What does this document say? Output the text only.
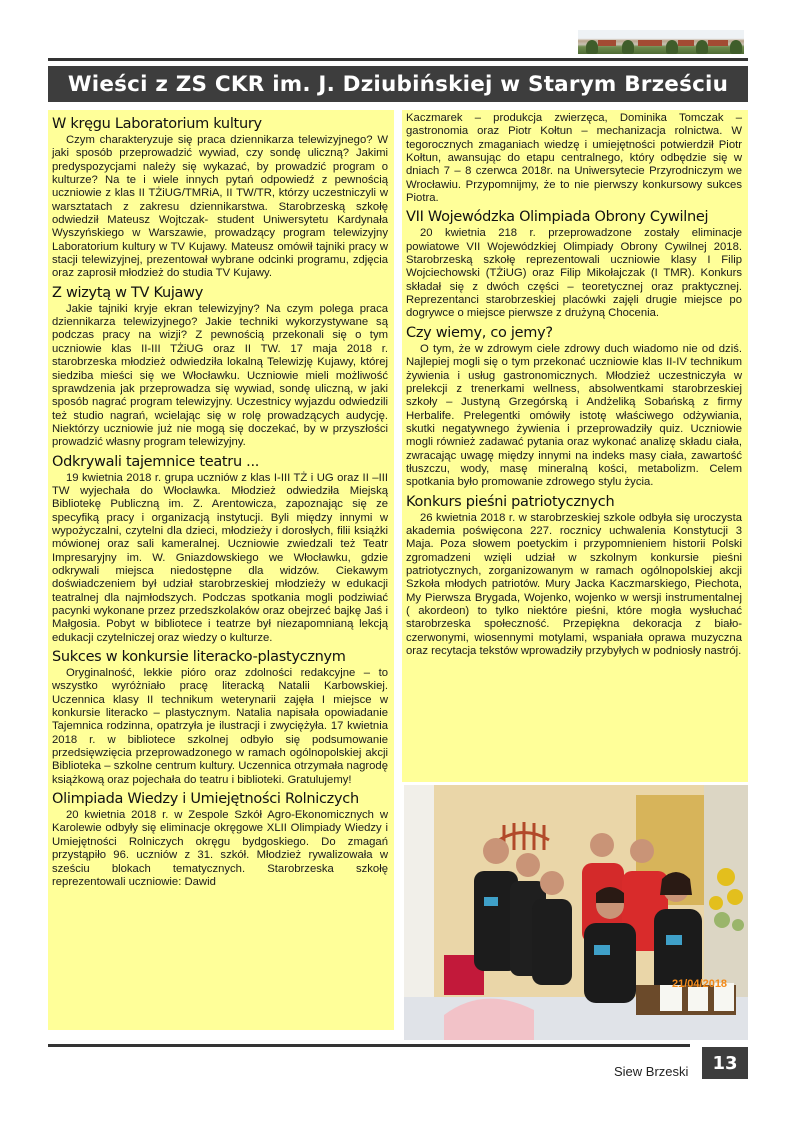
Wieści z ZS CKR im. J. Dziubińskiej w Starym Brześciu
W kręgu Laboratorium kultury

Czym charakteryzuje się praca dziennikarza telewizyjnego? W jaki sposób przeprowadzić wywiad, czy sondę uliczną? Jakimi predyspozycjami należy się wykazać, by prowadzić program o kulturze? Na te i wiele innych pytań odpowiedź z pewnością uczniowie z klas II TŻiUG/TMRiA, II TW/TR, którzy uczestniczyli w warsztatach z zakresu dziennikarstwa. Starobrzeską szkołę odwiedził Mateusz Wojtczak- student Uniwersytetu Kardynała Wyszyńskiego w Warszawie, prowadzący program telewizyjny Laboratorium kultury w TV Kujawy. Mateusz omówił tajniki pracy w stacji telewizyjnej, prezentował wybrane odcinki programu, zdjęcia oraz zaprosił młodzież do studia TV Kujawy.

Z wizytą w TV Kujawy

Jakie tajniki kryje ekran telewizyjny? Na czym polega praca dziennikarza telewizyjnego? Jakie techniki wykorzystywane są podczas pracy na wizji? Z pewnością przekonali się o tym uczniowie klas II-III TŻiUG oraz II TW. 17 maja 2018 r. starobrzeska młodzież odwiedziła lokalną Telewizję Kujawy, której siedziba mieści się we Włocławku. Uczniowie mieli możliwość sprawdzenia jak przeprowadza się wywiad, sondę uliczną, w jaki sposób nagrać program telewizyjny. Uczestnicy wyjazdu odwiedzili też studio nagrań, wcielając się w rolę prowadzących audycję. Niektórzy uczniowie już nie mogą się doczekać, by w przyszłości prowadzić własny program telewizyjny.

Odkrywali tajemnice teatru ...

19 kwietnia 2018 r. grupa uczniów z klas I-III TŻ i UG oraz II –III TW wyjechała do Włocławka. Młodzież odwiedziła Miejską Bibliotekę Publiczną im. Z. Arentowicza, zapoznając się ze specyfiką pracy i organizacją instytucji. Byli między innymi w wypożyczalni, czytelni dla dzieci, młodzieży i dorosłych, filii książki mówionej oraz sali kameralnej. Uczniowie zwiedzali też Teatr Impresaryjny im. W. Gniazdowskiego we Włocławku, gdzie odkrywali miejsca niedostępne dla widzów. Ciekawym doświadczeniem był udział starobrzeskiej młodzieży w edukacji teatralnej dla najmłodszych. Podczas spotkania mogli podziwiać pacynki wykonane przez przedszkolaków oraz obejrzeć bajkę Jaś i Małgosia. Pobyt w bibliotece i teatrze był niezapomnianą lekcją edukacji czytelniczej oraz wiedzy o kulturze.

Sukces w konkursie literacko-plastycznym

Oryginalność, lekkie pióro oraz zdolności redakcyjne – to wszystko wyróżniało pracę literacką Natalii Karbowskiej. Uczennica klasy II technikum weterynarii zajęła I miejsce w konkursie literacko – plastycznym. Natalia napisała opowiadanie Tajemnica rodzinna, opatrzyła je ilustracji i zwyciężyła. 17 kwietnia 2018 r. w bibliotece szkolnej odbyło się podsumowanie przedsięwzięcia przeprowadzonego w ramach ogólnopolskiej akcji Biblioteka – szkolne centrum kultury. Uczennica otrzymała nagrodę książkową oraz pojechała do teatru i biblioteki. Gratulujemy!

Olimpiada Wiedzy i Umiejętności Rolniczych

20 kwietnia 2018 r. w Zespole Szkół Agro-Ekonomicznych w Karolewie odbyły się eliminacje okręgowe XLII Olimpiady Wiedzy i Umiejętności Rolniczych okręgu bydgoskiego. Do zmagań przystąpiło 96. uczniów z 31. szkół. Młodzież rywalizowała w sześciu blokach tematycznych. Starobrzeska szkołę reprezentowali uczniowie: Dawid

Kaczmarek – produkcja zwierzęca, Dominika Tomczak – gastronomia oraz Piotr Kołtun – mechanizacja rolnictwa. W tegorocznych zmaganiach wiedzę i umiejętności potwierdził Piotr Kołtun, awansując do etapu centralnego, który odbędzie się w dniach 7 – 8 czerwca 2018r. na Uniwersytecie Przyrodniczym we Wrocławiu. Przypomnijmy, że to nie pierwszy konkursowy sukces Piotra.

VII Wojewódzka Olimpiada Obrony Cywilnej

20 kwietnia 218 r. przeprowadzone zostały eliminacje powiatowe VII Wojewódzkiej Olimpiady Obrony Cywilnej 2018. Starobrzeską szkołę reprezentowali uczniowie klasy I Filip Wojciechowski (TŻiUG) oraz Filip Mikołajczak (I TMR). Konkurs składał się z dwóch części – teoretycznej oraz praktycznej. Reprezentanci starobrzeskiej placówki zajęli drugie miejsce po dogrywce o miejsce pierwsze z drużyną Chocenia.

Czy wiemy, co jemy?

O tym, że w zdrowym ciele zdrowy duch wiadomo nie od dziś. Najlepiej mogli się o tym przekonać uczniowie klas II-IV technikum żywienia i usług gastronomicznych. Młodzież uczestniczyła w prelekcji z trenerkami wellness, absolwentkami starobrzeskiej szkoły – Justyną Grzegórską i Andżeliką Sobańską z firmy Herbalife. Prelegentki omówiły istotę właściwego odżywiania, skutki negatywnego żywienia i przeprowadziły quiz. Uczniowie mogli również zadawać pytania oraz wykonać analizę składu ciała, zwracając uwagę między innymi na indeks masy ciała, zawartość tłuszczu, wody, masę mineralną kości, metabolizm. Celem spotkania było promowanie zdrowego stylu życia.

Konkurs pieśni patriotycznych

26 kwietnia 2018 r. w starobrzeskiej szkole odbyła się uroczysta akademia poświęcona 227. rocznicy uchwalenia Konstytucji 3 Maja. Poza słowem poetyckim i przypomnieniem historii Polski zgromadzeni wzięli udział w szkolnym konkursie pieśni patriotycznych, zorganizowanym w ramach ogólnopolskiej akcji Szkoła młodych patriotów. Mury Jacka Kaczmarskiego, Piechota, My Pierwsza Brygada, Wojenko, wojenko w wersji instrumentalnej ( akordeon) to tylko niektóre pieśni, które mogła wysłuchać starobrzeska społeczność. Przepiękna dekoracja z biało-czerwonymi, wiosennymi motylami, wspaniała oprawa muzyczna oraz recytacja tekstów wprowadziły przybyłych w podniosły nastrój.

21/04/2018
Siew Brzeski 13
